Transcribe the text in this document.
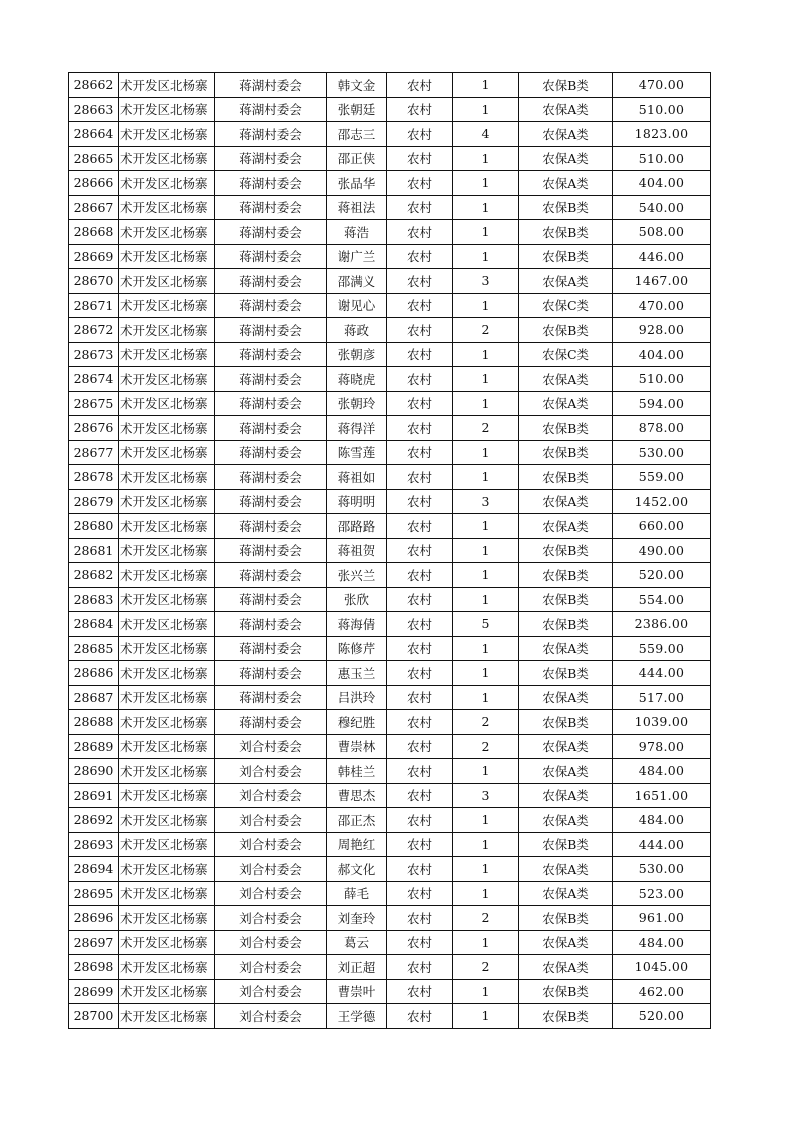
28662	术开发区北杨寨	蒋湖村委会	韩文金	农村	1	农保B类	470.00
28663	术开发区北杨寨	蒋湖村委会	张朝廷	农村	1	农保A类	510.00
28664	术开发区北杨寨	蒋湖村委会	邵志三	农村	4	农保A类	1823.00
28665	术开发区北杨寨	蒋湖村委会	邵正侠	农村	1	农保A类	510.00
28666	术开发区北杨寨	蒋湖村委会	张品华	农村	1	农保A类	404.00
28667	术开发区北杨寨	蒋湖村委会	蒋祖法	农村	1	农保B类	540.00
28668	术开发区北杨寨	蒋湖村委会	蒋浩	农村	1	农保B类	508.00
28669	术开发区北杨寨	蒋湖村委会	谢广兰	农村	1	农保B类	446.00
28670	术开发区北杨寨	蒋湖村委会	邵满义	农村	3	农保A类	1467.00
28671	术开发区北杨寨	蒋湖村委会	谢见心	农村	1	农保C类	470.00
28672	术开发区北杨寨	蒋湖村委会	蒋政	农村	2	农保B类	928.00
28673	术开发区北杨寨	蒋湖村委会	张朝彦	农村	1	农保C类	404.00
28674	术开发区北杨寨	蒋湖村委会	蒋晓虎	农村	1	农保A类	510.00
28675	术开发区北杨寨	蒋湖村委会	张朝玲	农村	1	农保A类	594.00
28676	术开发区北杨寨	蒋湖村委会	蒋得洋	农村	2	农保B类	878.00
28677	术开发区北杨寨	蒋湖村委会	陈雪莲	农村	1	农保B类	530.00
28678	术开发区北杨寨	蒋湖村委会	蒋祖如	农村	1	农保B类	559.00
28679	术开发区北杨寨	蒋湖村委会	蒋明明	农村	3	农保A类	1452.00
28680	术开发区北杨寨	蒋湖村委会	邵路路	农村	1	农保A类	660.00
28681	术开发区北杨寨	蒋湖村委会	蒋祖贺	农村	1	农保B类	490.00
28682	术开发区北杨寨	蒋湖村委会	张兴兰	农村	1	农保B类	520.00
28683	术开发区北杨寨	蒋湖村委会	张欣	农村	1	农保B类	554.00
28684	术开发区北杨寨	蒋湖村委会	蒋海倩	农村	5	农保B类	2386.00
28685	术开发区北杨寨	蒋湖村委会	陈修芹	农村	1	农保A类	559.00
28686	术开发区北杨寨	蒋湖村委会	惠玉兰	农村	1	农保B类	444.00
28687	术开发区北杨寨	蒋湖村委会	吕洪玲	农村	1	农保A类	517.00
28688	术开发区北杨寨	蒋湖村委会	穆纪胜	农村	2	农保B类	1039.00
28689	术开发区北杨寨	刘合村委会	曹崇林	农村	2	农保A类	978.00
28690	术开发区北杨寨	刘合村委会	韩桂兰	农村	1	农保A类	484.00
28691	术开发区北杨寨	刘合村委会	曹思杰	农村	3	农保A类	1651.00
28692	术开发区北杨寨	刘合村委会	邵正杰	农村	1	农保A类	484.00
28693	术开发区北杨寨	刘合村委会	周艳红	农村	1	农保B类	444.00
28694	术开发区北杨寨	刘合村委会	郝文化	农村	1	农保A类	530.00
28695	术开发区北杨寨	刘合村委会	薛毛	农村	1	农保A类	523.00
28696	术开发区北杨寨	刘合村委会	刘奎玲	农村	2	农保B类	961.00
28697	术开发区北杨寨	刘合村委会	葛云	农村	1	农保A类	484.00
28698	术开发区北杨寨	刘合村委会	刘正超	农村	2	农保A类	1045.00
28699	术开发区北杨寨	刘合村委会	曹崇叶	农村	1	农保B类	462.00
28700	术开发区北杨寨	刘合村委会	王学德	农村	1	农保B类	520.00
